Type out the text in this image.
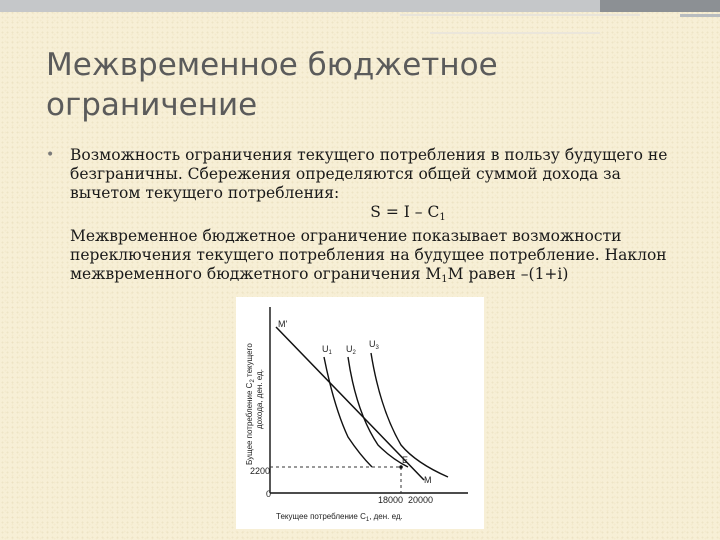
Межвременное бюджетное ограничение
• Возможность ограничения текущего потребления в пользу будущего не безграничны. Сбережения определяются общей суммой дохода за вычетом текущего потребления:
$S = I - C_1$
Межвременное бюджетное ограничение показывает возможности переключения текущего потребления на будущее потребление. Наклон межвременного бюджетного ограничения $M_1M$ равен –(1+i)
M'
M
E
0
2200
18000 20000
$U_1$ $U_2$
$U_3$
Текущее потребление $С_1$, ден. ед.
Бущее потребление $С_2$ текущего
дохода, ден. ед.
